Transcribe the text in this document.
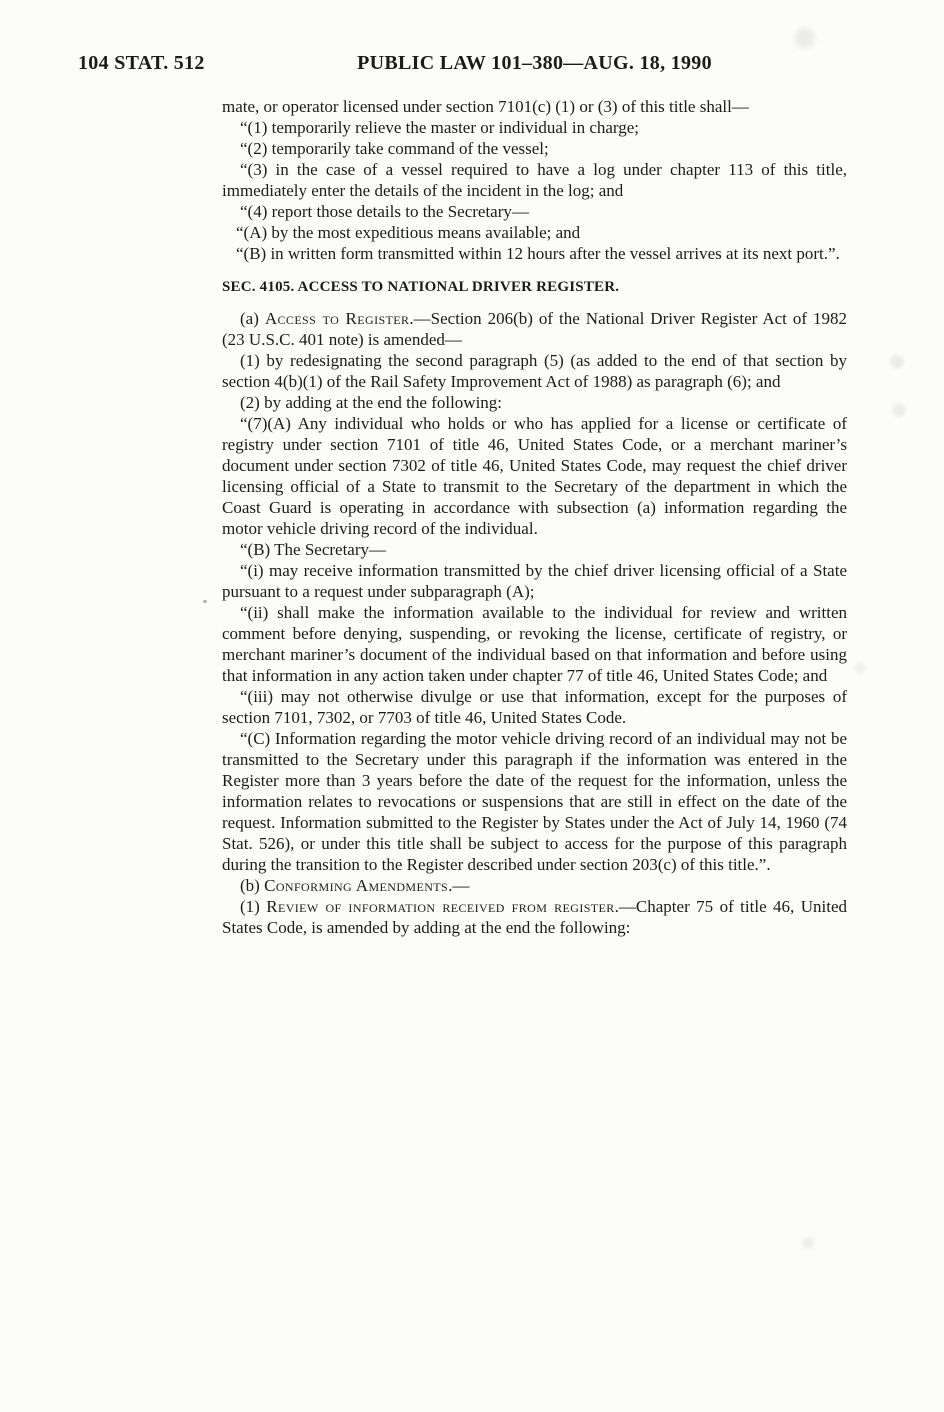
104 STAT. 512	PUBLIC LAW 101–380—AUG. 18, 1990

mate, or operator licensed under section 7101(c) (1) or (3) of this title shall—

“(1) temporarily relieve the master or individual in charge;

“(2) temporarily take command of the vessel;

“(3) in the case of a vessel required to have a log under chapter 113 of this title, immediately enter the details of the incident in the log; and

“(4) report those details to the Secretary—

“(A) by the most expeditious means available; and

“(B) in written form transmitted within 12 hours after the vessel arrives at its next port.”.

SEC. 4105. ACCESS TO NATIONAL DRIVER REGISTER.

(a) Access to Register.—Section 206(b) of the National Driver Register Act of 1982 (23 U.S.C. 401 note) is amended—

(1) by redesignating the second paragraph (5) (as added to the end of that section by section 4(b)(1) of the Rail Safety Improvement Act of 1988) as paragraph (6); and

(2) by adding at the end the following:

“(7)(A) Any individual who holds or who has applied for a license or certificate of registry under section 7101 of title 46, United States Code, or a merchant mariner’s document under section 7302 of title 46, United States Code, may request the chief driver licensing official of a State to transmit to the Secretary of the department in which the Coast Guard is operating in accordance with subsection (a) information regarding the motor vehicle driving record of the individual.

“(B) The Secretary—

“(i) may receive information transmitted by the chief driver licensing official of a State pursuant to a request under subparagraph (A);

“(ii) shall make the information available to the individual for review and written comment before denying, suspending, or revoking the license, certificate of registry, or merchant mariner’s document of the individual based on that information and before using that information in any action taken under chapter 77 of title 46, United States Code; and

“(iii) may not otherwise divulge or use that information, except for the purposes of section 7101, 7302, or 7703 of title 46, United States Code.

“(C) Information regarding the motor vehicle driving record of an individual may not be transmitted to the Secretary under this paragraph if the information was entered in the Register more than 3 years before the date of the request for the information, unless the information relates to revocations or suspensions that are still in effect on the date of the request. Information submitted to the Register by States under the Act of July 14, 1960 (74 Stat. 526), or under this title shall be subject to access for the purpose of this paragraph during the transition to the Register described under section 203(c) of this title.”.

(b) Conforming Amendments.—

(1) Review of information received from register.—Chapter 75 of title 46, United States Code, is amended by adding at the end the following:
